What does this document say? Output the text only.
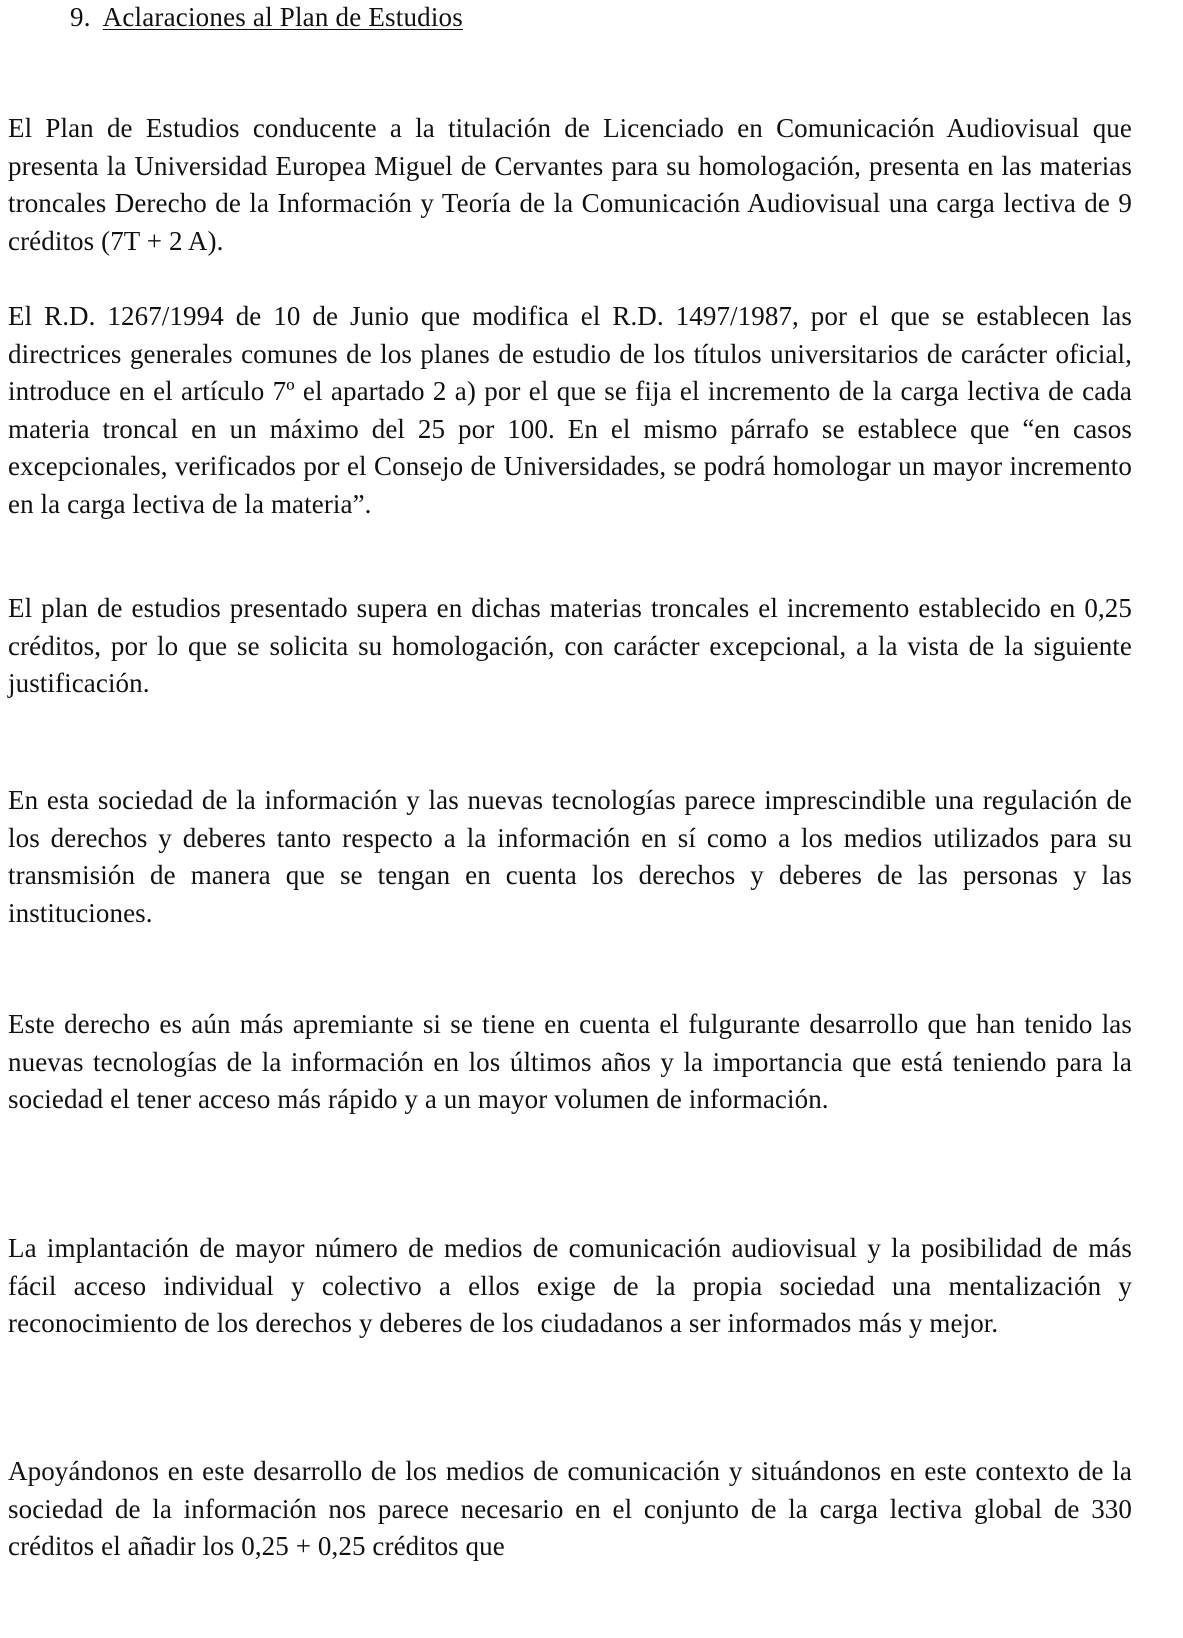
9. Aclaraciones al Plan de Estudios

El Plan de Estudios conducente a la titulación de Licenciado en Comunicación Audiovisual que presenta la Universidad Europea Miguel de Cervantes para su homologación, presenta en las materias troncales Derecho de la Información y Teoría de la Comunicación Audiovisual una carga lectiva de 9 créditos (7T + 2 A).

El R.D. 1267/1994 de 10 de Junio que modifica el R.D. 1497/1987, por el que se establecen las directrices generales comunes de los planes de estudio de los títulos universitarios de carácter oficial, introduce en el artículo 7º el apartado 2 a) por el que se fija el incremento de la carga lectiva de cada materia troncal en un máximo del 25 por 100. En el mismo párrafo se establece que “en casos excepcionales, verificados por el Consejo de Universidades, se podrá homologar un mayor incremento en la carga lectiva de la materia”.

El plan de estudios presentado supera en dichas materias troncales el incremento establecido en 0,25 créditos, por lo que se solicita su homologación, con carácter excepcional, a la vista de la siguiente justificación.

En esta sociedad de la información y las nuevas tecnologías parece imprescindible una regulación de los derechos y deberes tanto respecto a la información en sí como a los medios utilizados para su transmisión de manera que se tengan en cuenta los derechos y deberes de las personas y las instituciones.

Este derecho es aún más apremiante si se tiene en cuenta el fulgurante desarrollo que han tenido las nuevas tecnologías de la información en los últimos años y la importancia que está teniendo para la sociedad el tener acceso más rápido y a un mayor volumen de información.

La implantación de mayor número de medios de comunicación audiovisual y la posibilidad de más fácil acceso individual y colectivo a ellos exige de la propia sociedad una mentalización y reconocimiento de los derechos y deberes de los ciudadanos a ser informados más y mejor.

Apoyándonos en este desarrollo de los medios de comunicación y situándonos en este contexto de la sociedad de la información nos parece necesario en el conjunto de la carga lectiva global de 330 créditos el añadir los 0,25 + 0,25 créditos que
